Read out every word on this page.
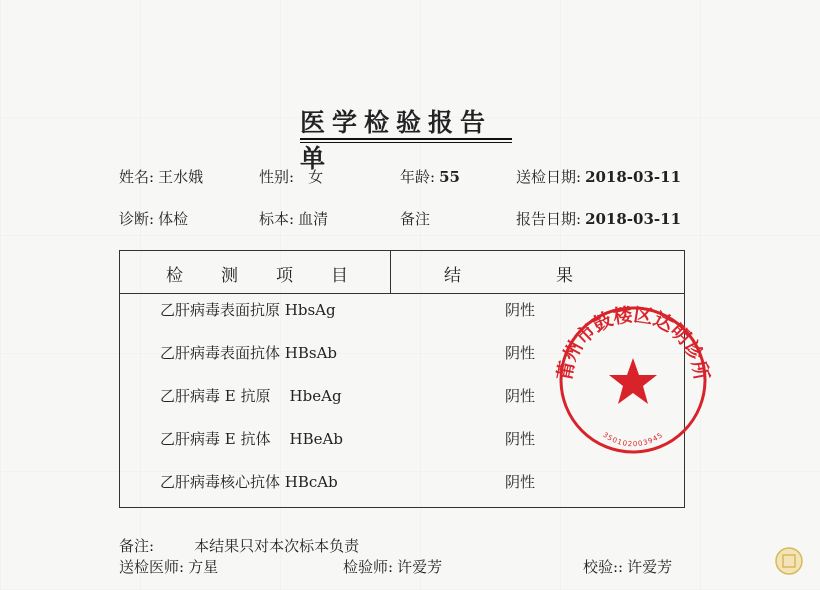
医学检验报告单
姓名: 王水娥	性别: 女	年龄: 55	送检日期: 2018-03-11
诊断: 体检	标本: 血清	备注	报告日期: 2018-03-11
检测项目	结果
乙肝病毒表面抗原 HbsAg	阴性
乙肝病毒表面抗体 HBsAb	阴性
乙肝病毒 E 抗原    HbeAg	阴性
乙肝病毒 E 抗体    HBeAb	阴性
乙肝病毒核心抗体 HBcAb	阴性
莆州市鼓楼区达明诊所
350102003945
备注:	本结果只对本次标本负责
送检医师: 方星	检验师: 许爱芳	校验:: 许爱芳
